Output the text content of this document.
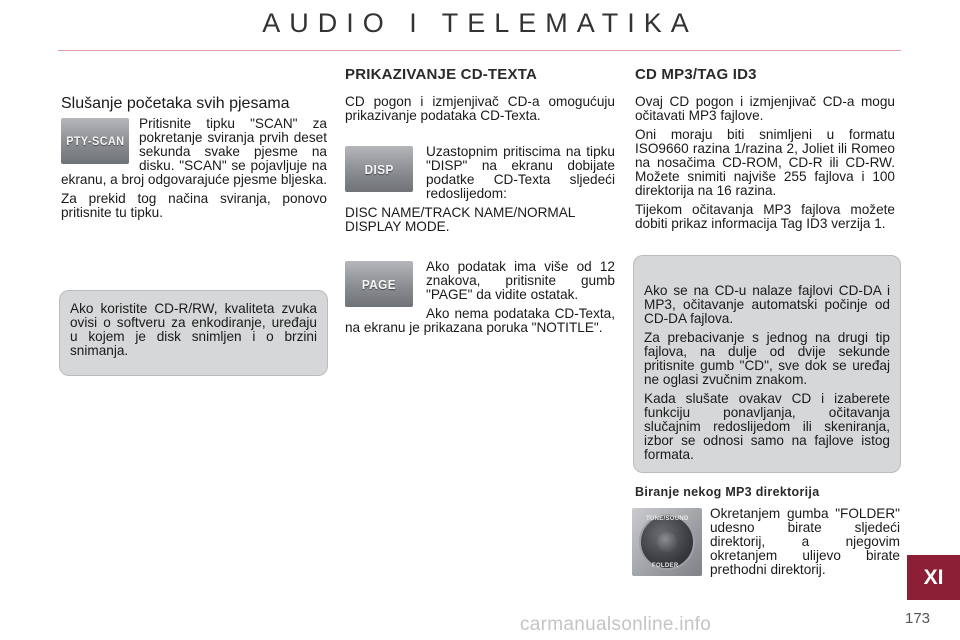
AUDIO I TELEMATIKA
Slušanje početaka svih pjesama
PTY-SCAN

Pritisnite tipku "SCAN" za pokretanje sviranja prvih deset sekunda svake pjesme na disku. "SCAN" se pojavljuje na ekranu, a broj odgovarajuće pjesme bljeska.

Za prekid tog načina sviranja, ponovo pritisnite tu tipku.

Ako koristite CD-R/RW, kvaliteta zvuka ovisi o softveru za enkodiranje, uređaju u kojem je disk snimljen i o brzini snimanja.

PRIKAZIVANJE CD-TEXTA

CD pogon i izmjenjivač CD-a omogućuju prikazivanje podataka CD-Texta.

DISP

Uzastopnim pritiscima na tipku "DISP" na ekranu dobijate podatke CD-Texta sljedeći redoslijedom:

DISC NAME/TRACK NAME/NORMAL DISPLAY MODE.

PAGE

Ako podatak ima više od 12 znakova, pritisnite gumb "PAGE" da vidite ostatak.

Ako nema podataka CD-Texta, na ekranu je prikazana poruka "NOTITLE".

CD MP3/TAG ID3

Ovaj CD pogon i izmjenjivač CD-a mogu očitavati MP3 fajlove.

Oni moraju biti snimljeni u formatu ISO9660 razina 1/razina 2, Joliet ili Romeo na nosačima CD-ROM, CD-R ili CD-RW. Možete snimiti najviše 255 fajlova i 100 direktorija na 16 razina.

Tijekom očitavanja MP3 fajlova možete dobiti prikaz informacija Tag ID3 verzija 1.

Ako se na CD-u nalaze fajlovi CD-DA i MP3, očitavanje automatski počinje od CD-DA fajlova.

Za prebacivanje s jednog na drugi tip fajlova, na dulje od dvije sekunde pritisnite gumb "CD", sve dok se uređaj ne oglasi zvučnim znakom.

Kada slušate ovakav CD i izaberete funkciju ponavljanja, očitavanja slučajnim redoslijedom ili skeniranja, izbor se odnosi samo na fajlove istog formata.

Biranje nekog MP3 direktorija
TUNE/SOUND
FOLDER

Okretanjem gumba "FOLDER" udesno birate sljedeći direktorij, a njegovim okretanjem ulijevo birate prethodni direktorij.	XI
carmanualsonline.info	173
